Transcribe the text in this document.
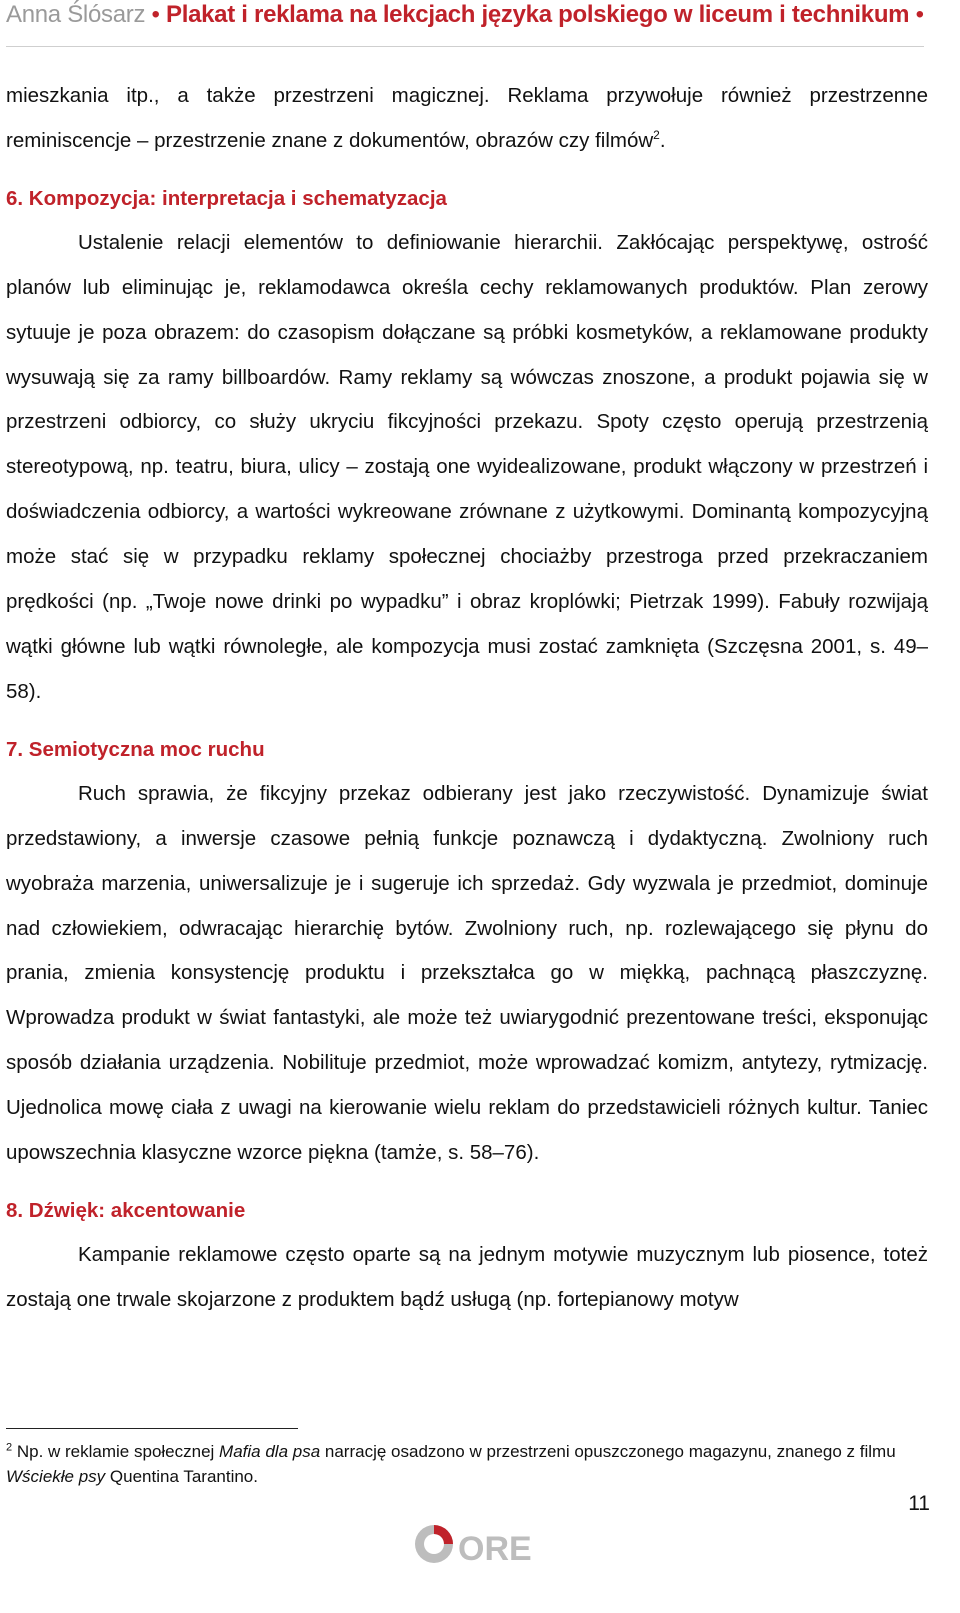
Anna Ślósarz • Plakat i reklama na lekcjach języka polskiego w liceum i technikum •

mieszkania itp., a także przestrzeni magicznej. Reklama przywołuje również przestrzenne reminiscencje – przestrzenie znane z dokumentów, obrazów czy filmów$^2$.

6. Kompozycja: interpretacja i schematyzacja

Ustalenie relacji elementów to definiowanie hierarchii. Zakłócając perspektywę, ostrość planów lub eliminując je, reklamodawca określa cechy reklamowanych produktów. Plan zerowy sytuuje je poza obrazem: do czasopism dołączane są próbki kosmetyków, a reklamowane produkty wysuwają się za ramy billboardów. Ramy reklamy są wówczas znoszone, a produkt pojawia się w przestrzeni odbiorcy, co służy ukryciu fikcyjności przekazu. Spoty często operują przestrzenią stereotypową, np. teatru, biura, ulicy – zostają one wyidealizowane, produkt włączony w przestrzeń i doświadczenia odbiorcy, a wartości wykreowane zrównane z użytkowymi. Dominantą kompozycyjną może stać się w przypadku reklamy społecznej chociażby przestroga przed przekraczaniem prędkości (np. „Twoje nowe drinki po wypadku” i obraz kroplówki; Pietrzak 1999). Fabuły rozwijają wątki główne lub wątki równoległe, ale kompozycja musi zostać zamknięta (Szczęsna 2001, s. 49–58).

7. Semiotyczna moc ruchu

Ruch sprawia, że fikcyjny przekaz odbierany jest jako rzeczywistość. Dynamizuje świat przedstawiony, a inwersje czasowe pełnią funkcje poznawczą i dydaktyczną. Zwolniony ruch wyobraża marzenia, uniwersalizuje je i sugeruje ich sprzedaż. Gdy wyzwala je przedmiot, dominuje nad człowiekiem, odwracając hierarchię bytów. Zwolniony ruch, np. rozlewającego się płynu do prania, zmienia konsystencję produktu i przekształca go w miękką, pachnącą płaszczyznę. Wprowadza produkt w świat fantastyki, ale może też uwiarygodnić prezentowane treści, eksponując sposób działania urządzenia. Nobilituje przedmiot, może wprowadzać komizm, antytezy, rytmizację. Ujednolica mowę ciała z uwagi na kierowanie wielu reklam do przedstawicieli różnych kultur. Taniec upowszechnia klasyczne wzorce piękna (tamże, s. 58–76).

8. Dźwięk: akcentowanie

Kampanie reklamowe często oparte są na jednym motywie muzycznym lub piosence, toteż zostają one trwale skojarzone z produktem bądź usługą (np. fortepianowy motyw

$^2$ Np. w reklamie społecznej Mafia dla psa narrację osadzono w przestrzeni opuszczonego magazynu, znanego z filmu Wściekłe psy Quentina Tarantino.
11
ORE
